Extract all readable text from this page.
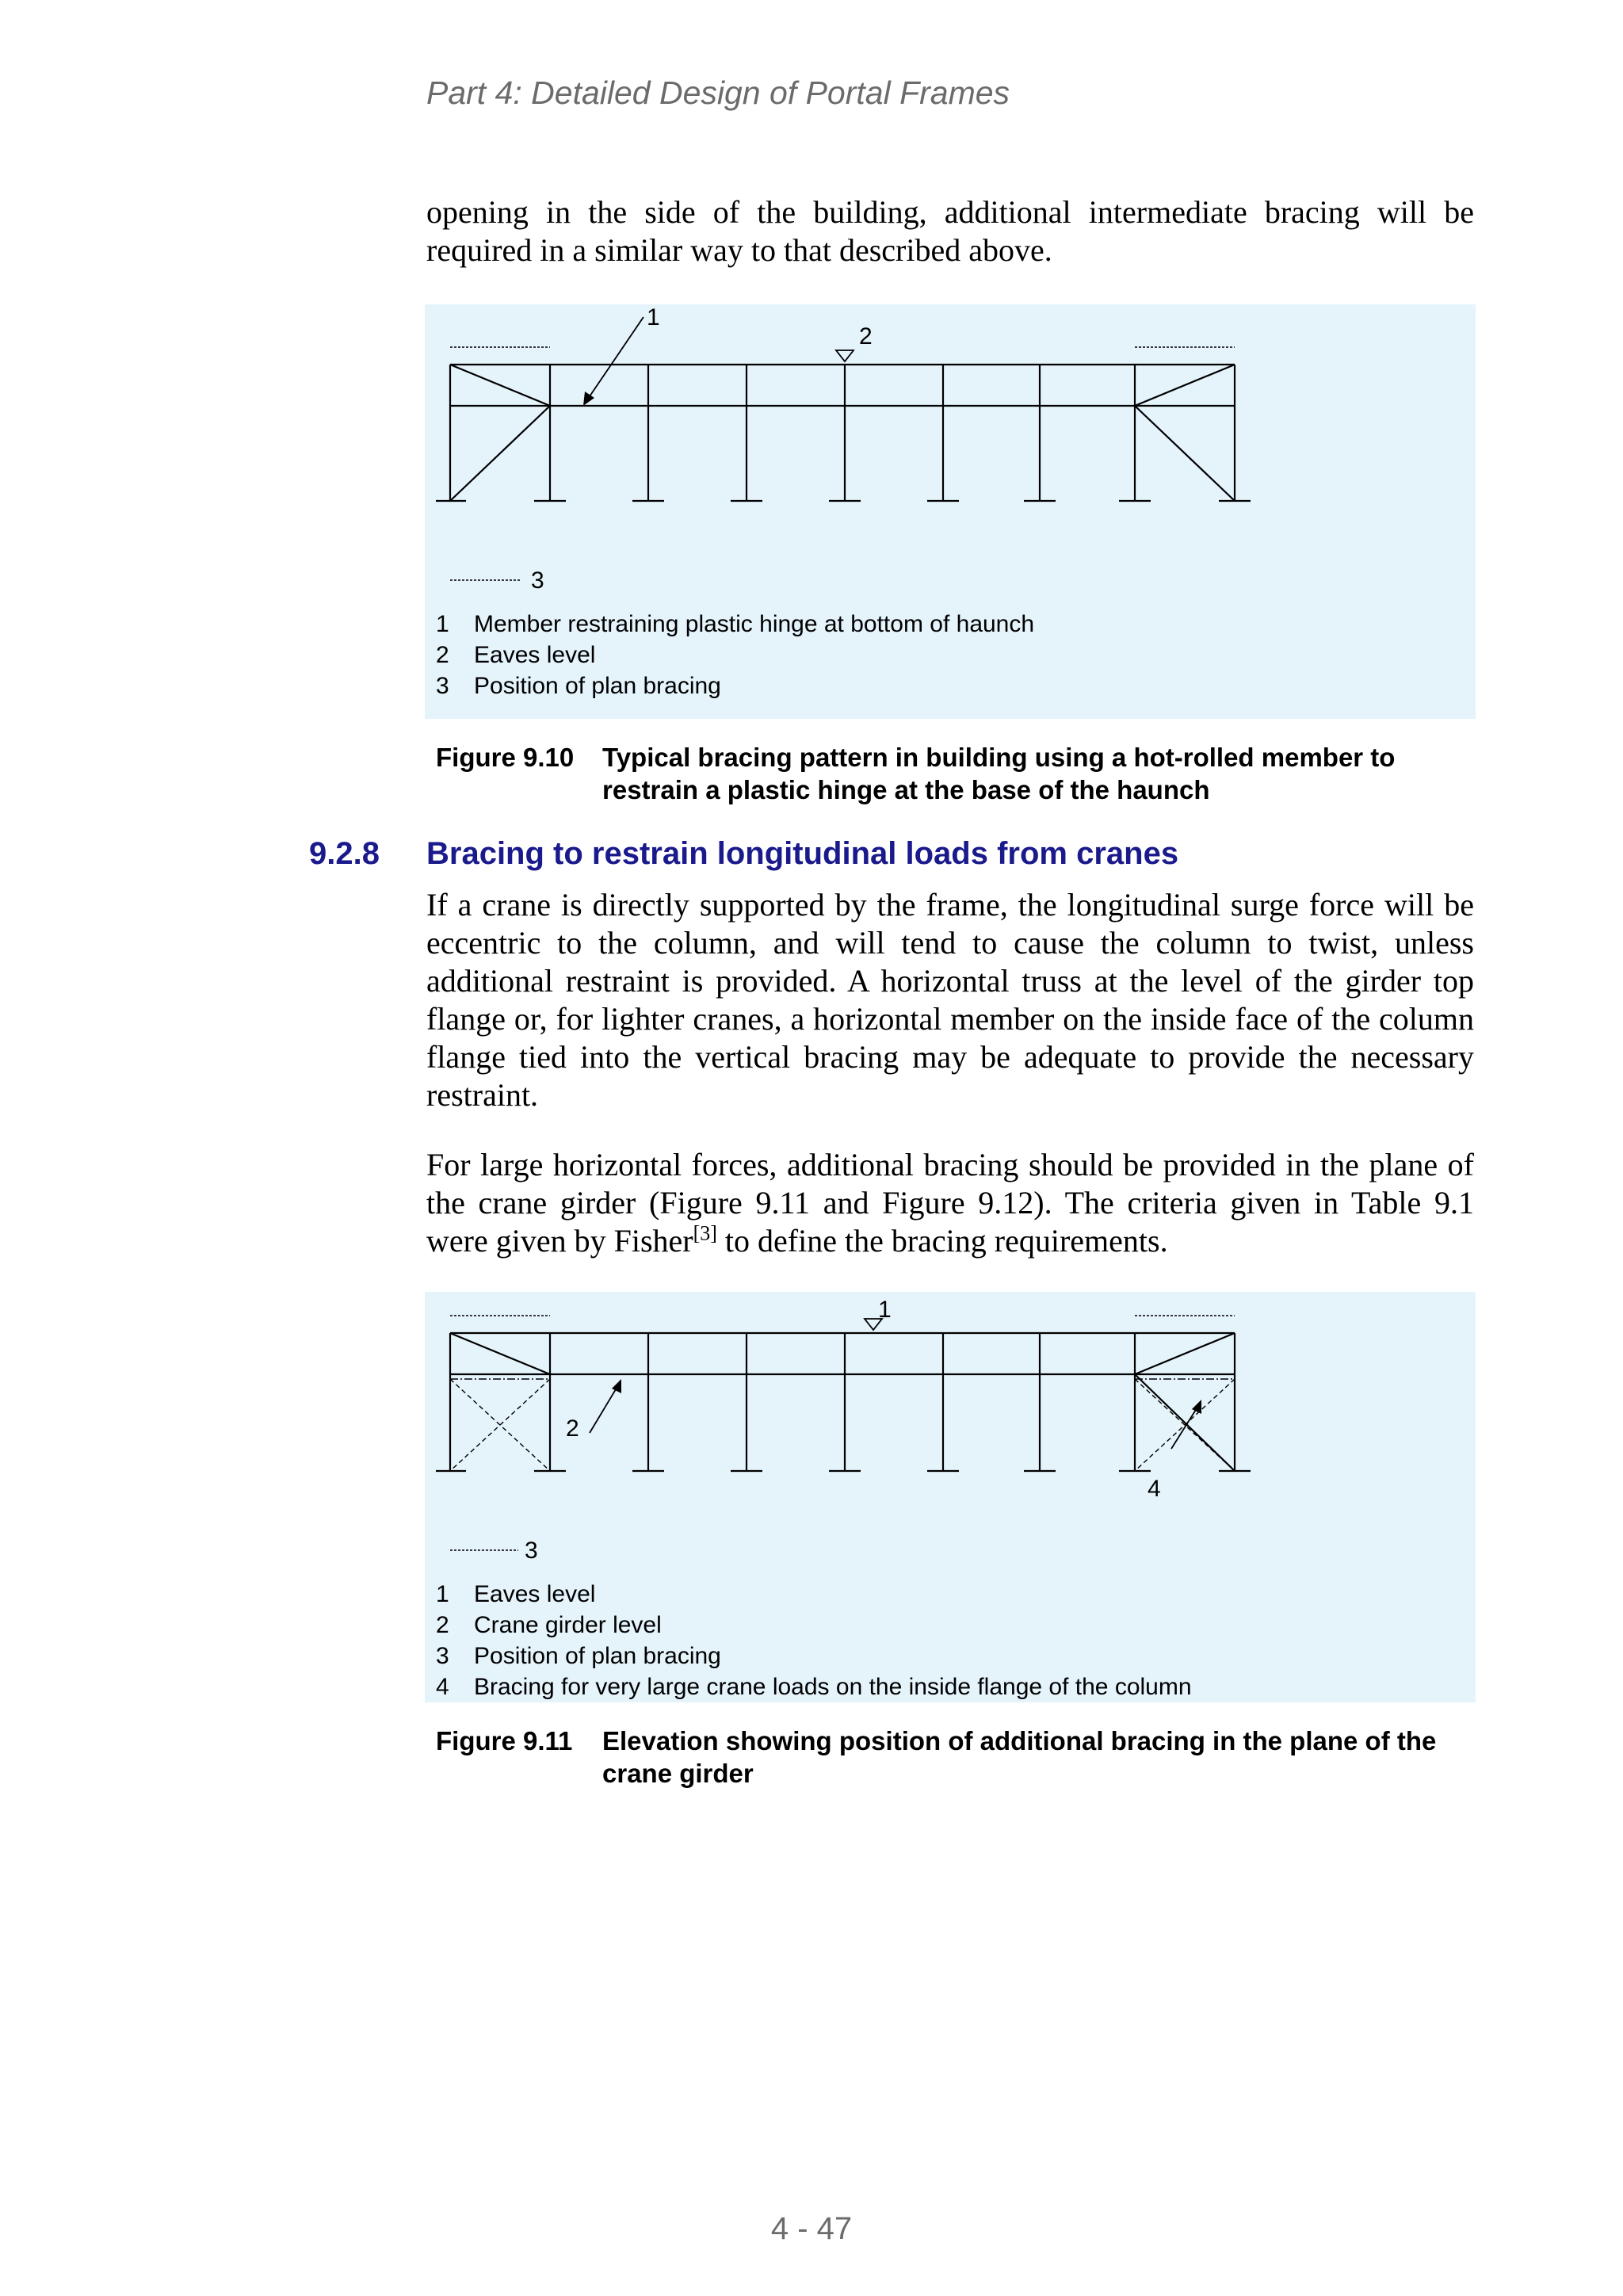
Part 4: Detailed Design of Portal Frames
opening in the side of the building, additional intermediate bracing will be required in a similar way to that described above.
1
2
3
1	Member restraining plastic hinge at bottom of haunch
2	Eaves level
3	Position of plan bracing
Figure 9.10	Typical bracing pattern in building using a hot-rolled member to restrain a plastic hinge at the base of the haunch
9.2.8	Bracing to restrain longitudinal loads from cranes
If a crane is directly supported by the frame, the longitudinal surge force will be eccentric to the column, and will tend to cause the column to twist, unless additional restraint is provided. A horizontal truss at the level of the girder top flange or, for lighter cranes, a horizontal member on the inside face of the column flange tied into the vertical bracing may be adequate to provide the necessary restraint.
For large horizontal forces, additional bracing should be provided in the plane of the crane girder (Figure 9.11 and Figure 9.12). The criteria given in Table 9.1 were given by Fisher[3] to define the bracing requirements.
1
2
3
4
1	Eaves level
2	Crane girder level
3	Position of plan bracing
4	Bracing for very large crane loads on the inside flange of the column
Figure 9.11	Elevation showing position of additional bracing in the plane of the crane girder
4 - 47
